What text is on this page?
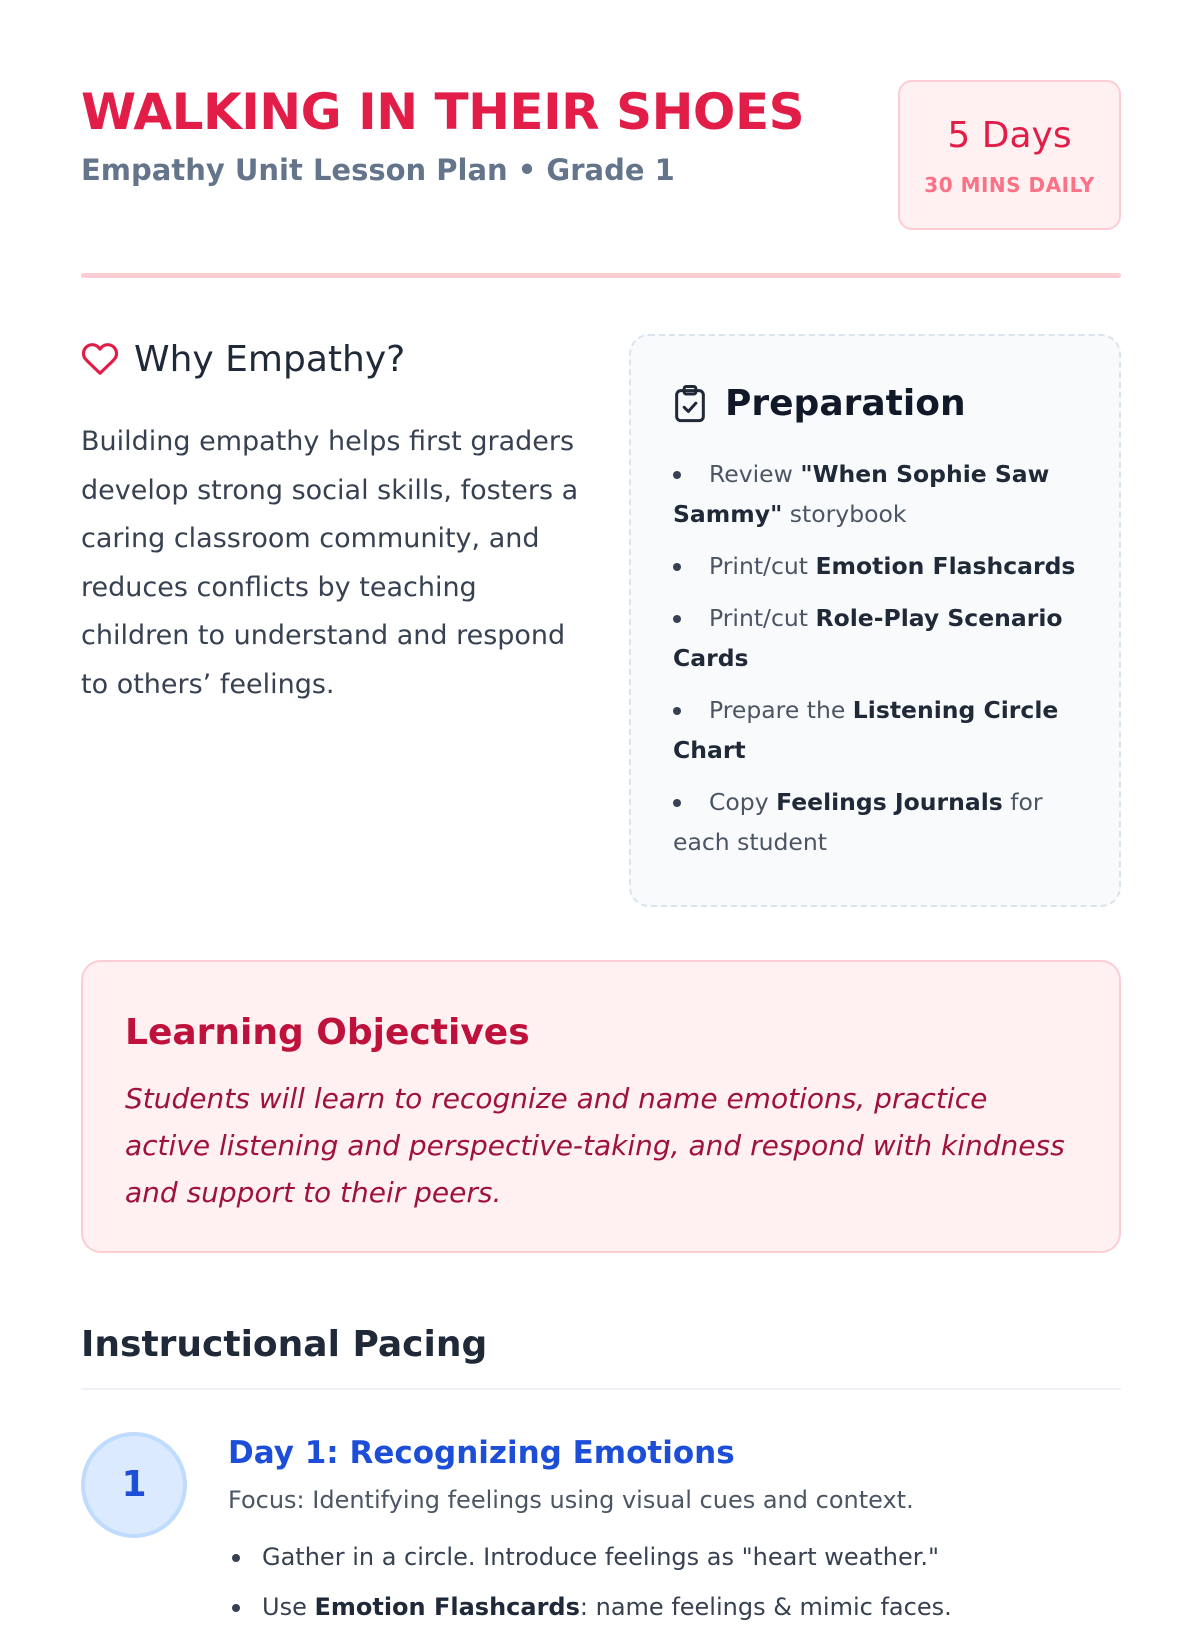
WALKING IN THEIR SHOES

Empathy Unit Lesson Plan • Grade 1

5 Days
30 MINS DAILY
Why Empathy?

Building empathy helps first graders develop strong social skills, fosters a caring classroom community, and reduces conflicts by teaching children to understand and respond to others’ feelings.

Preparation
Review "When Sophie Saw Sammy" storybook
Print/cut Emotion Flashcards
Print/cut Role-Play Scenario Cards
Prepare the Listening Circle Chart
Copy Feelings Journals for each student
Learning Objectives

Students will learn to recognize and name emotions, practice active listening and perspective-taking, and respond with kindness and support to their peers.

Instructional Pacing
1
Day 1: Recognizing Emotions

Focus: Identifying feelings using visual cues and context.

Gather in a circle. Introduce feelings as "heart weather."
Use Emotion Flashcards: name feelings & mimic faces.
